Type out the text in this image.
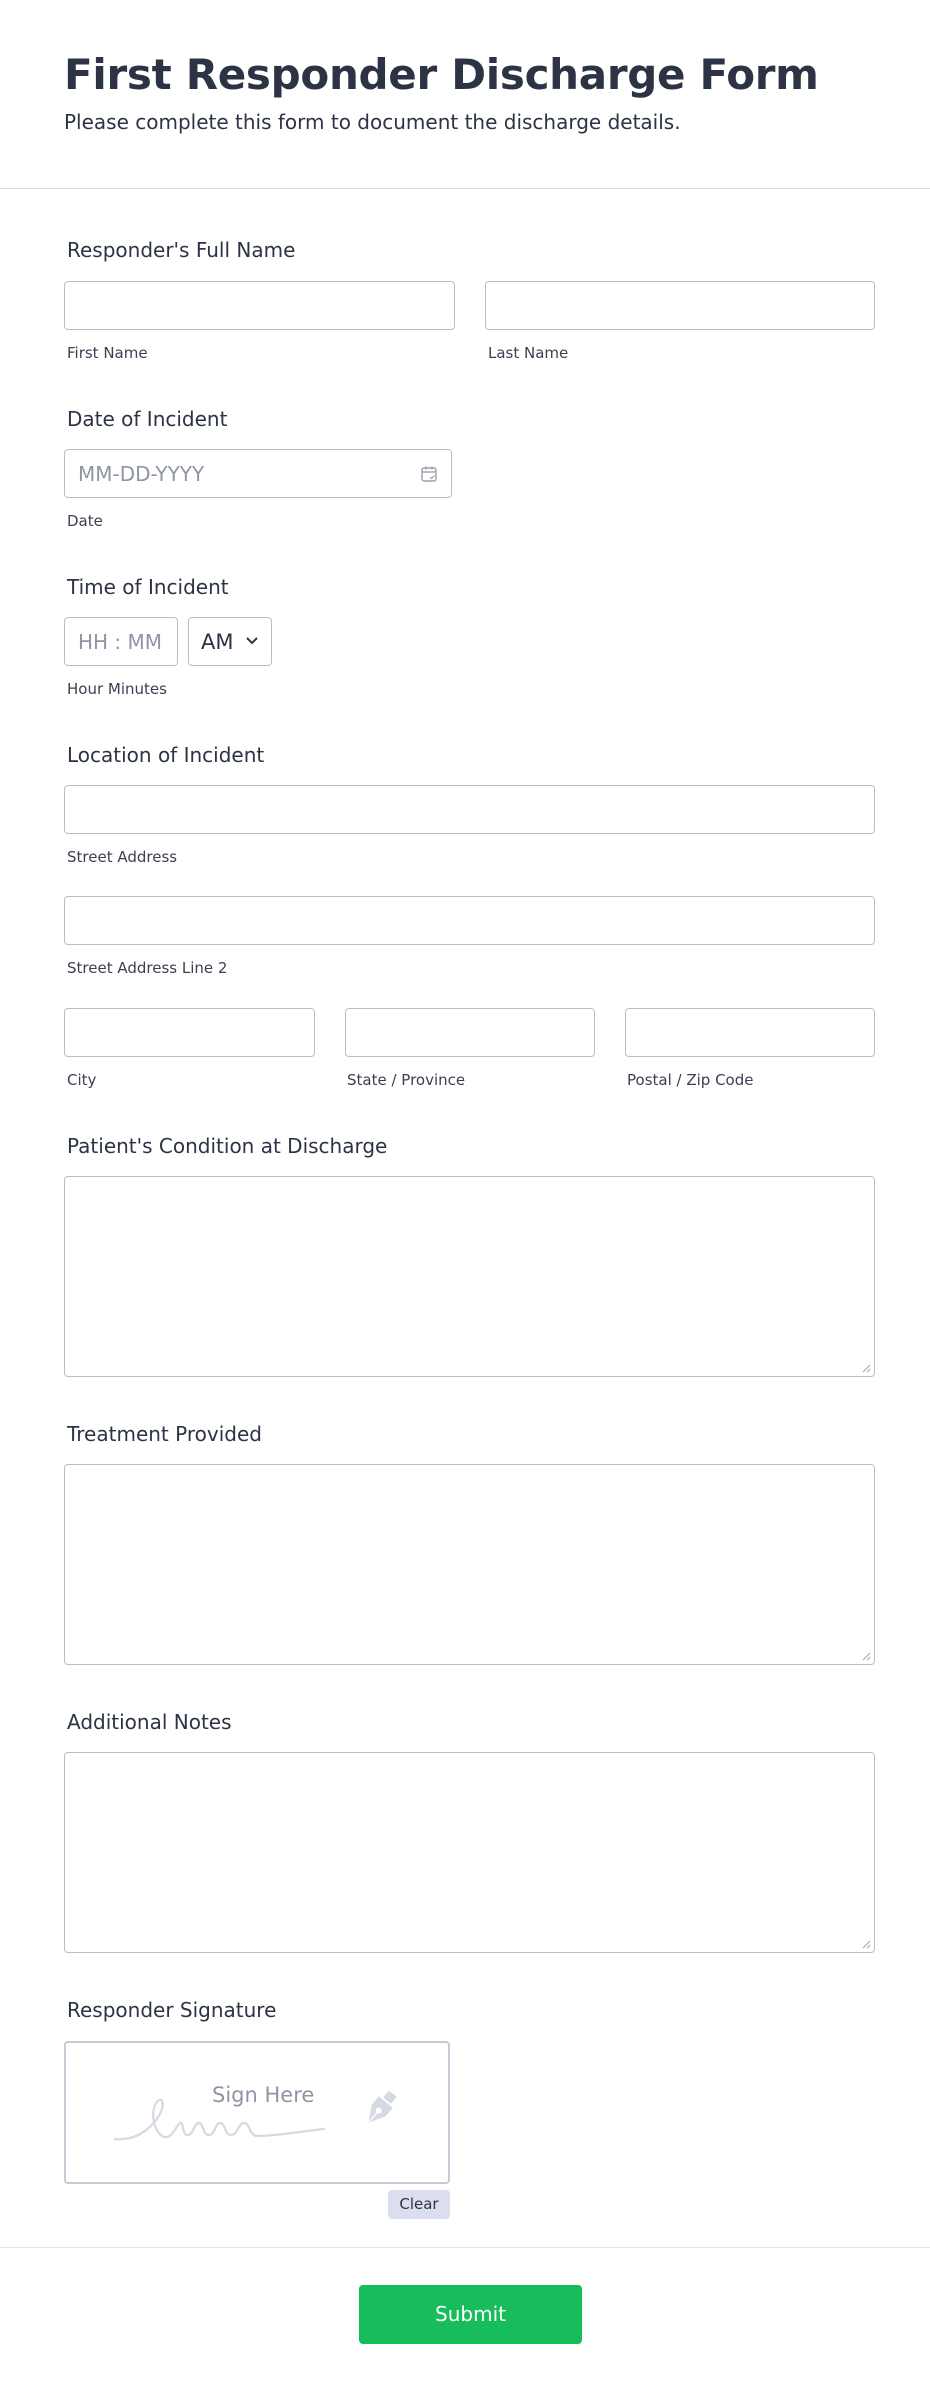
First Responder Discharge Form
Please complete this form to document the discharge details.
Responder's Full Name
First Name	Last Name
Date of Incident
MM-DD-YYYY
Date
Time of Incident
HH : MM AM
Hour Minutes
Location of Incident
Street Address
Street Address Line 2
City	State / Province	Postal / Zip Code
Patient's Condition at Discharge
Treatment Provided
Additional Notes
Responder Signature
Sign Here
Clear
Submit
